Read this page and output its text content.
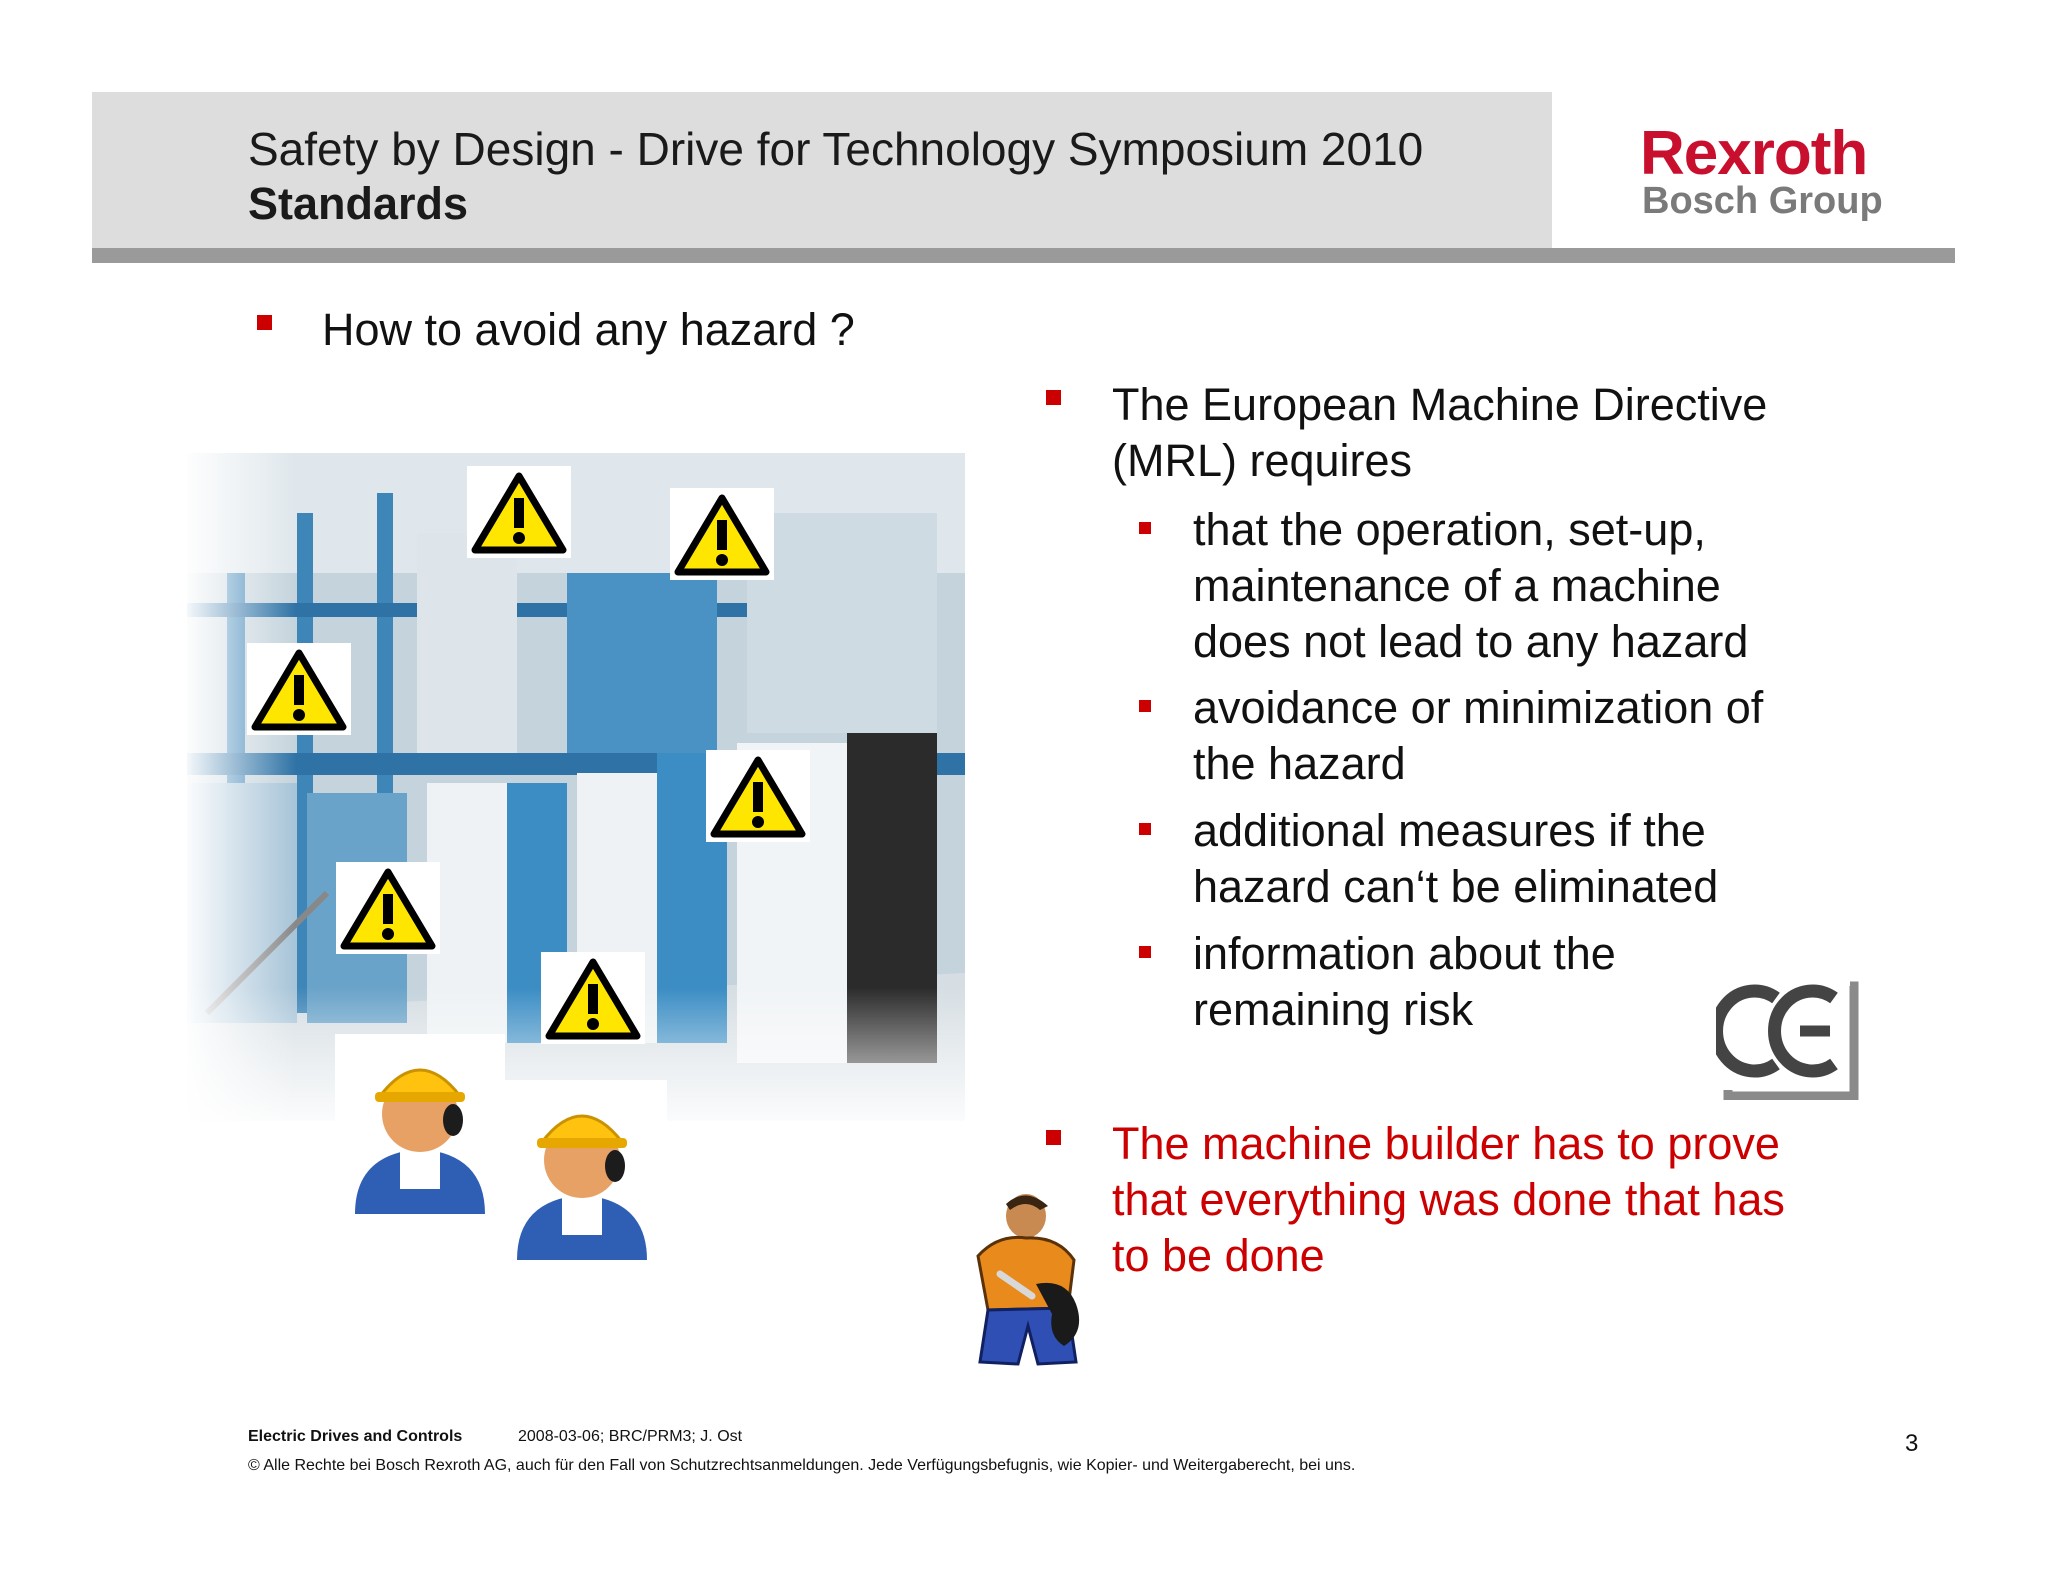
Safety by Design - Drive for Technology Symposium 2010
Standards
Rexroth
Bosch Group
How to avoid any hazard ?
The European Machine Directive
(MRL) requires
that the operation, set-up,
maintenance of a machine
does not lead to any hazard
avoidance or minimization of
the hazard
additional measures if the
hazard can‘t be eliminated
information about the
remaining risk
The machine builder has to prove
that everything was done that has
to be done
Electric Drives and Controls	2008-03-06; BRC/PRM3; J. Ost
© Alle Rechte bei Bosch Rexroth AG, auch für den Fall von Schutzrechtsanmeldungen. Jede Verfügungsbefugnis, wie Kopier- und Weitergaberecht, bei uns.
3
